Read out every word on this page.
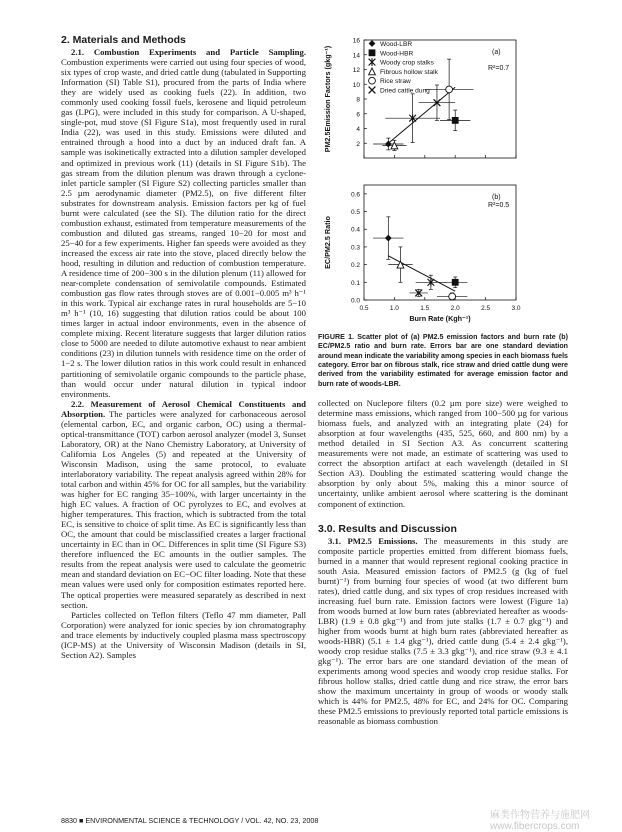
2. Materials and Methods

2.1. Combustion Experiments and Particle Sampling. Combustion experiments were carried out using four species of wood, six types of crop waste, and dried cattle dung (tabulated in Supporting Information (SI) Table S1), procured from the parts of India where they are widely used as cooking fuels (22). In addition, two commonly used cooking fossil fuels, kerosene and liquid petroleum gas (LPG), were included in this study for comparison. A U-shaped, single-pot, mud stove (SI Figure S1a), most frequently used in rural India (22), was used in this study. Emissions were diluted and entrained through a hood into a duct by an induced draft fan. A sample was isokinetically extracted into a dilution sampler developed and optimized in previous work (11) (details in SI Figure S1b). The gas stream from the dilution plenum was drawn through a cyclone-inlet particle sampler (SI Figure S2) collecting particles smaller than 2.5 µm aerodynamic diameter (PM2.5), on five different filter substrates for downstream analysis. Emission factors per kg of fuel burnt were calculated (see the SI). The dilution ratio for the direct combustion exhaust, estimated from temperature measurements of the combustion and diluted gas streams, ranged 10−20 for most and 25−40 for a few experiments. Higher fan speeds were avoided as they increased the excess air rate into the stove, placed directly below the hood, resulting in dilution and reduction of combustion temperature. A residence time of 200−300 s in the dilution plenum (11) allowed for near-complete condensation of semivolatile compounds. Estimated combustion gas flow rates through stoves are of 0.001−0.005 m³ h⁻¹ in this work. Typical air exchange rates in rural households are 5−10 m³ h⁻¹ (10, 16) suggesting that dilution ratios could be about 100 times larger in actual indoor environments, even in the absence of complete mixing. Recent literature suggests that larger dilution ratios close to 5000 are needed to dilute automotive exhaust to near ambient conditions (23) in dilution tunnels with residence time on the order of 1−2 s. The lower dilution ratios in this work could result in enhanced partitioning of semivolatile organic compounds to the particle phase, than would occur under natural dilution in typical indoor environments.

2.2. Measurement of Aerosol Chemical Constituents and Absorption. The particles were analyzed for carbonaceous aerosol (elemental carbon, EC, and organic carbon, OC) using a thermal-optical-transmittance (TOT) carbon aerosol analyzer (model 3, Sunset Laboratory, OR) at the Nano Chemistry Laboratory, at University of California Los Angeles (5) and repeated at the University of Wisconsin Madison, using the same protocol, to evaluate interlaboratory variability. The repeat analysis agreed within 28% for total carbon and within 45% for OC for all samples, but the variability was higher for EC ranging 35−100%, with larger uncertainty in the high EC values. A fraction of OC pyrolyzes to EC, and evolves at higher temperatures. This fraction, which is subtracted from the total EC, is sensitive to choice of split time. As EC is significantly less than OC, the amount that could be misclassified creates a larger fractional uncertainty in EC than in OC. Differences in split time (SI Figure S3) therefore influenced the EC amounts in the outlier samples. The results from the repeat analysis were used to calculate the geometric mean and standard deviation on EC−OC filter loading. Note that these mean values were used only for composition estimates reported here. The optical properties were measured separately as described in next section.

Particles collected on Teflon filters (Teflo 47 mm diameter, Pall Corporation) were analyzed for ionic species by ion chromatography and trace elements by inductively coupled plasma mass spectroscopy (ICP-MS) at the University of Wisconsin Madison (details in SI, Section A2). Samples

2
4
6
8
10
12
14
16
(a)
R²=0.7
PM2.5Emission Factors (gkg⁻¹)
0.0
0.1
0.2
0.3
0.4
0.5
0.6
0.5	1.0	1.5	2.0	2.5	3.0
(b)
R²=0.5
EC/PM2.5 Ratio
Burn Rate (Kgh⁻¹)
Wood-LBR
Wood-HBR
Woody crop stalks
Fibrous hollow stalk
Rice straw
Dried cattle dung
FIGURE 1. Scatter plot of (a) PM2.5 emission factors and burn rate (b) EC/PM2.5 ratio and burn rate. Errors bar are one standard deviation around mean indicate the variability among species in each biomass fuels category. Error bar on fibrous stalk, rice straw and dried cattle dung were derived from the variability estimated for average emission factor and burn rate of woods-LBR.

collected on Nuclepore filters (0.2 µm pore size) were weighed to determine mass emissions, which ranged from 100−500 µg for various biomass fuels, and analyzed with an integrating plate (24) for absorption at four wavelengths (435, 525, 660, and 800 nm) by a method detailed in SI Section A3. As concurrent scattering measurements were not made, an estimate of scattering was used to correct the absorption artifact at each wavelength (detailed in SI Section A3). Doubling the estimated scattering would change the absorption by only about 5%, making this a minor source of uncertainty, unlike ambient aerosol where scattering is the dominant component of extinction.

3.0. Results and Discussion

3.1. PM2.5 Emissions. The measurements in this study are composite particle properties emitted from different biomass fuels, burned in a manner that would represent regional cooking practice in south Asia. Measured emission factors of PM2.5 (g (kg of fuel burnt)⁻¹) from burning four species of wood (at two different burn rates), dried cattle dung, and six types of crop residues increased with increasing fuel burn rate. Emission factors were lowest (Figure 1a) from woods burned at low burn rates (abbreviated hereafter as woods-LBR) (1.9 ± 0.8 gkg⁻¹) and from jute stalks (1.7 ± 0.7 gkg⁻¹) and higher from woods burnt at high burn rates (abbreviated hereafter as woods-HBR) (5.1 ± 1.4 gkg⁻¹), dried cattle dung (5.4 ± 2.4 gkg⁻¹), woody crop residue stalks (7.5 ± 3.3 gkg⁻¹), and rice straw (9.3 ± 4.1 gkg⁻¹). The error bars are one standard deviation of the mean of experiments among wood species and woody crop residue stalks. For fibrous hollow stalks, dried cattle dung and rice straw, the error bars show the maximum uncertainty in group of woods or woody stalk which is 44% for PM2.5, 48% for EC, and 24% for OC. Comparing these PM2.5 emissions to previously reported total particle emissions is reasonable as biomass combustion

8830 ■ ENVIRONMENTAL SCIENCE & TECHNOLOGY / VOL. 42, NO. 23, 2008	麻类作物营养与施肥网 www.fibercrops.com
